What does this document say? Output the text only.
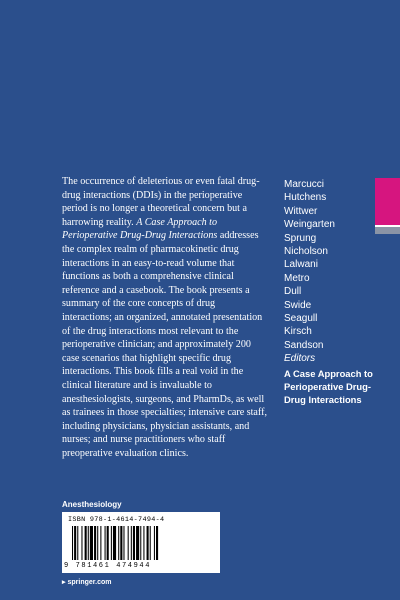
The occurrence of deleterious or even fatal drug-drug interactions (DDIs) in the perioperative period is no longer a theoretical concern but a harrowing reality. A Case Approach to Perioperative Drug-Drug Interactions addresses the complex realm of pharmacokinetic drug interactions in an easy-to-read volume that functions as both a comprehensive clinical reference and a casebook. The book presents a summary of the core concepts of drug interactions; an organized, annotated presentation of the drug interactions most relevant to the perioperative clinician; and approximately 200 case scenarios that highlight specific drug interactions. This book fills a real void in the clinical literature and is invaluable to anesthesiologists, surgeons, and PharmDs, as well as trainees in those specialties; intensive care staff, including physicians, physician assistants, and nurses; and nurse practitioners who staff preoperative evaluation clinics.

Marcucci
Hutchens
Wittwer
Weingarten
Sprung
Nicholson
Lalwani
Metro
Dull
Swide
Seagull
Kirsch
Sandson
Editors
A Case Approach to Perioperative Drug-Drug Interactions
Anesthesiology
ISBN 978-1-4614-7494-4
9 781461 474944
▸ springer.com
